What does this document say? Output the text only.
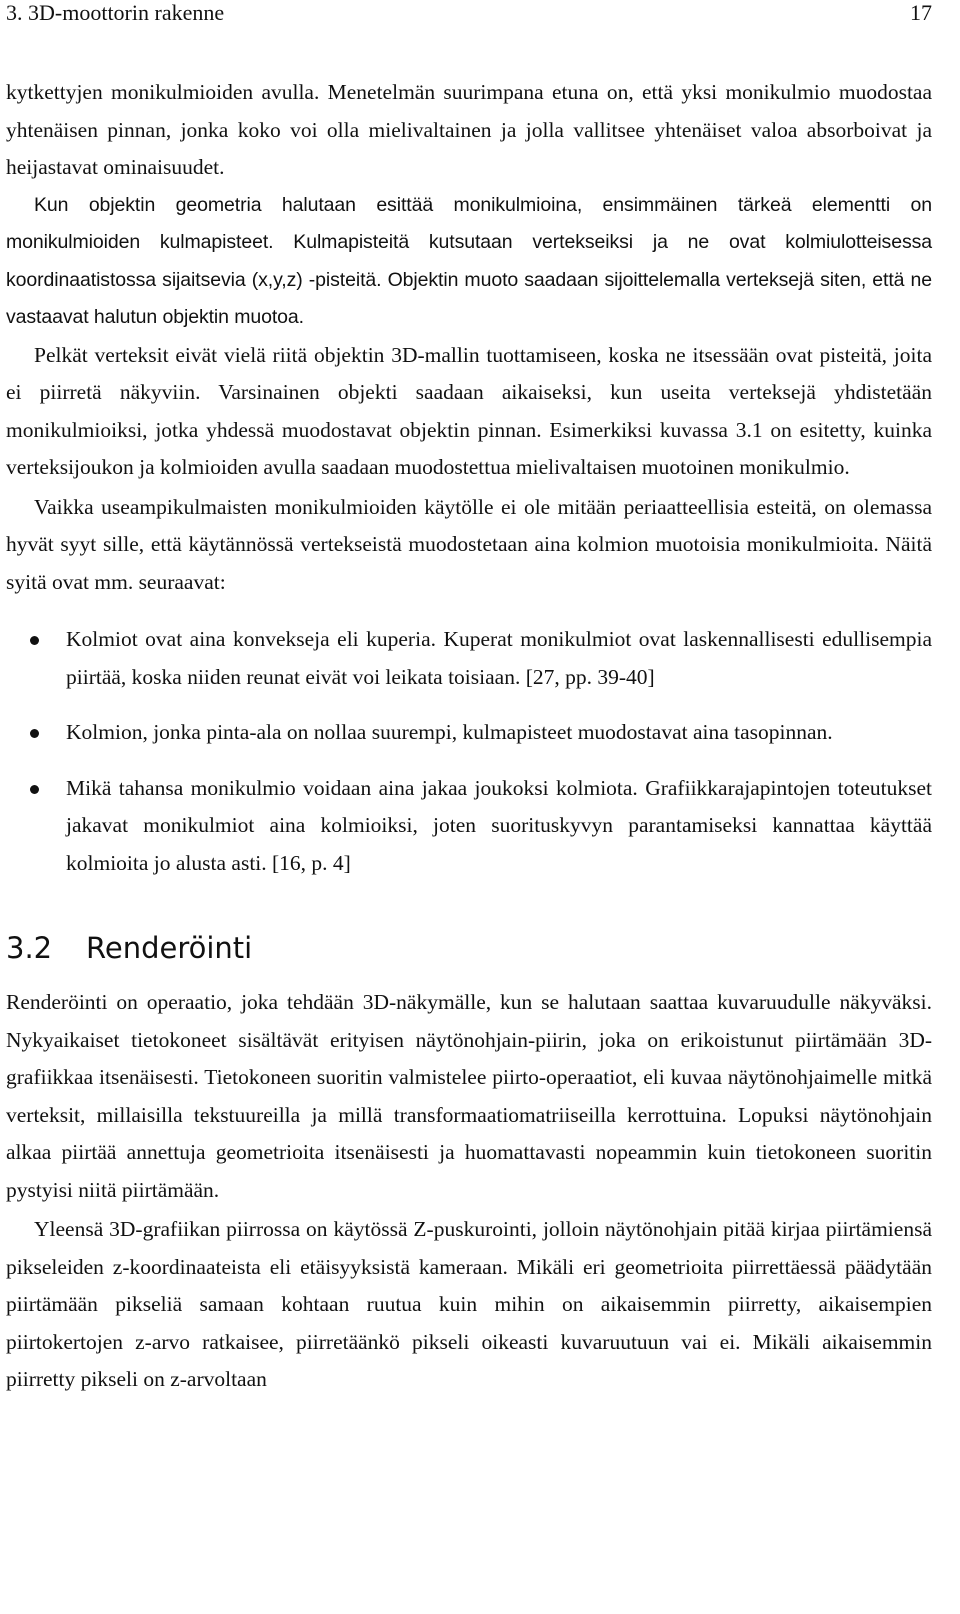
3. 3D-moottorin rakenne	17

kytkettyjen monikulmioiden avulla. Menetelmän suurimpana etuna on, että yksi monikulmio muodostaa yhtenäisen pinnan, jonka koko voi olla mielivaltainen ja jolla vallitsee yhtenäiset valoa absorboivat ja heijastavat ominaisuudet.

Kun objektin geometria halutaan esittää monikulmioina, ensimmäinen tärkeä elementti on monikulmioiden kulmapisteet. Kulmapisteitä kutsutaan vertekseiksi ja ne ovat kolmiulotteisessa koordinaatistossa sijaitsevia (x,y,z) -pisteitä. Objektin muoto saadaan sijoittelemalla verteksejä siten, että ne vastaavat halutun objektin muotoa.

Pelkät verteksit eivät vielä riitä objektin 3D-mallin tuottamiseen, koska ne itsessään ovat pisteitä, joita ei piirretä näkyviin. Varsinainen objekti saadaan aikaiseksi, kun useita verteksejä yhdistetään monikulmioiksi, jotka yhdessä muodostavat objektin pinnan. Esimerkiksi kuvassa 3.1 on esitetty, kuinka verteksijoukon ja kolmioiden avulla saadaan muodostettua mielivaltaisen muotoinen monikulmio.

Vaikka useampikulmaisten monikulmioiden käytölle ei ole mitään periaatteellisia esteitä, on olemassa hyvät syyt sille, että käytännössä vertekseistä muodostetaan aina kolmion muotoisia monikulmioita. Näitä syitä ovat mm. seuraavat:

Kolmiot ovat aina konvekseja eli kuperia. Kuperat monikulmiot ovat laskennallisesti edullisempia piirtää, koska niiden reunat eivät voi leikata toisiaan. [27, pp. 39-40]

Kolmion, jonka pinta-ala on nollaa suurempi, kulmapisteet muodostavat aina tasopinnan.

Mikä tahansa monikulmio voidaan aina jakaa joukoksi kolmiota. Grafiikkarajapintojen toteutukset jakavat monikulmiot aina kolmioiksi, joten suorituskyvyn parantamiseksi kannattaa käyttää kolmioita jo alusta asti. [16, p. 4]

3.2	Renderöinti

Renderöinti on operaatio, joka tehdään 3D-näkymälle, kun se halutaan saattaa kuvaruudulle näkyväksi. Nykyaikaiset tietokoneet sisältävät erityisen näytönohjain-piirin, joka on erikoistunut piirtämään 3D-grafiikkaa itsenäisesti. Tietokoneen suoritin valmistelee piirto-operaatiot, eli kuvaa näytönohjaimelle mitkä verteksit, millaisilla tekstuureilla ja millä transformaatiomatriiseilla kerrottuina. Lopuksi näytönohjain alkaa piirtää annettuja geometrioita itsenäisesti ja huomattavasti nopeammin kuin tietokoneen suoritin pystyisi niitä piirtämään.

Yleensä 3D-grafiikan piirrossa on käytössä Z-puskurointi, jolloin näytönohjain pitää kirjaa piirtämiensä pikseleiden z-koordinaateista eli etäisyyksistä kameraan. Mikäli eri geometrioita piirrettäessä päädytään piirtämään pikseliä samaan kohtaan ruutua kuin mihin on aikaisemmin piirretty, aikaisempien piirtokertojen z-arvo ratkaisee, piirretäänkö pikseli oikeasti kuvaruutuun vai ei. Mikäli aikaisemmin piirretty pikseli on z-arvoltaan
